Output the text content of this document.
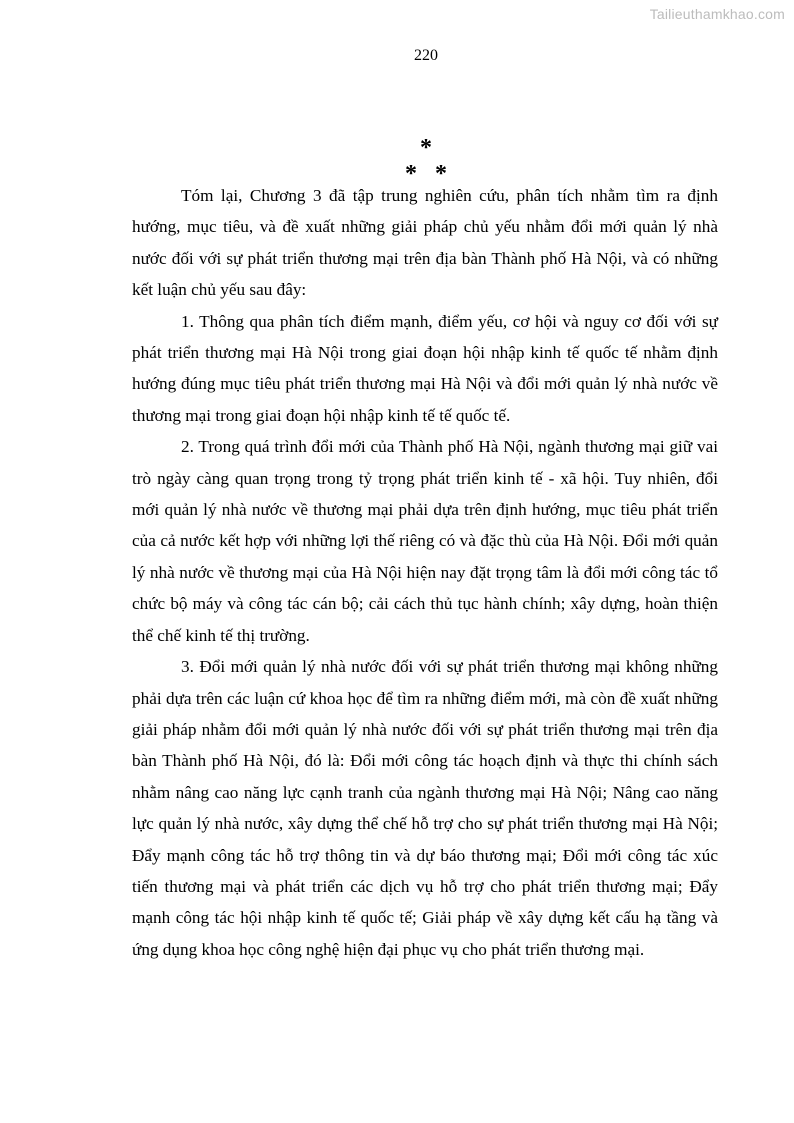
Tailieuthamkhao.com
220
*
* *

Tóm lại, Chương 3 đã tập trung nghiên cứu, phân tích nhằm tìm ra định hướng, mục tiêu, và đề xuất những giải pháp chủ yếu nhằm đổi mới quản lý nhà nước đối với sự phát triển thương mại trên địa bàn Thành phố Hà Nội, và có những kết luận chủ yếu sau đây:

1. Thông qua phân tích điểm mạnh, điểm yếu, cơ hội và nguy cơ đối với sự phát triển thương mại Hà Nội trong giai đoạn hội nhập kinh tế quốc tế nhằm định hướng đúng mục tiêu phát triển thương mại Hà Nội và đổi mới quản lý nhà nước về thương mại trong giai đoạn hội nhập kinh tế tế quốc tế.

2. Trong quá trình đổi mới của Thành phố Hà Nội, ngành thương mại giữ vai trò ngày càng quan trọng trong tỷ trọng phát triển kinh tế - xã hội. Tuy nhiên, đổi mới quản lý nhà nước về thương mại phải dựa trên định hướng, mục tiêu phát triển của cả nước kết hợp với những lợi thế riêng có và đặc thù của Hà Nội. Đổi mới quản lý nhà nước về thương mại của Hà Nội hiện nay đặt trọng tâm là đổi mới công tác tổ chức bộ máy và công tác cán bộ; cải cách thủ tục hành chính; xây dựng, hoàn thiện thể chế kinh tế thị trường.

3. Đổi mới quản lý nhà nước đối với sự phát triển thương mại không những phải dựa trên các luận cứ khoa học để tìm ra những điểm mới, mà còn đề xuất những giải pháp nhằm đổi mới quản lý nhà nước đối với sự phát triển thương mại trên địa bàn Thành phố Hà Nội, đó là: Đổi mới công tác hoạch định và thực thi chính sách nhằm nâng cao năng lực cạnh tranh của ngành thương mại Hà Nội; Nâng cao năng lực quản lý nhà nước, xây dựng thể chế hỗ trợ cho sự phát triển thương mại Hà Nội; Đẩy mạnh công tác hỗ trợ thông tin và dự báo thương mại; Đổi mới công tác xúc tiến thương mại và phát triển các dịch vụ hỗ trợ cho phát triển thương mại; Đẩy mạnh công tác hội nhập kinh tế quốc tế; Giải pháp về xây dựng kết cấu hạ tầng và ứng dụng khoa học công nghệ hiện đại phục vụ cho phát triển thương mại.
